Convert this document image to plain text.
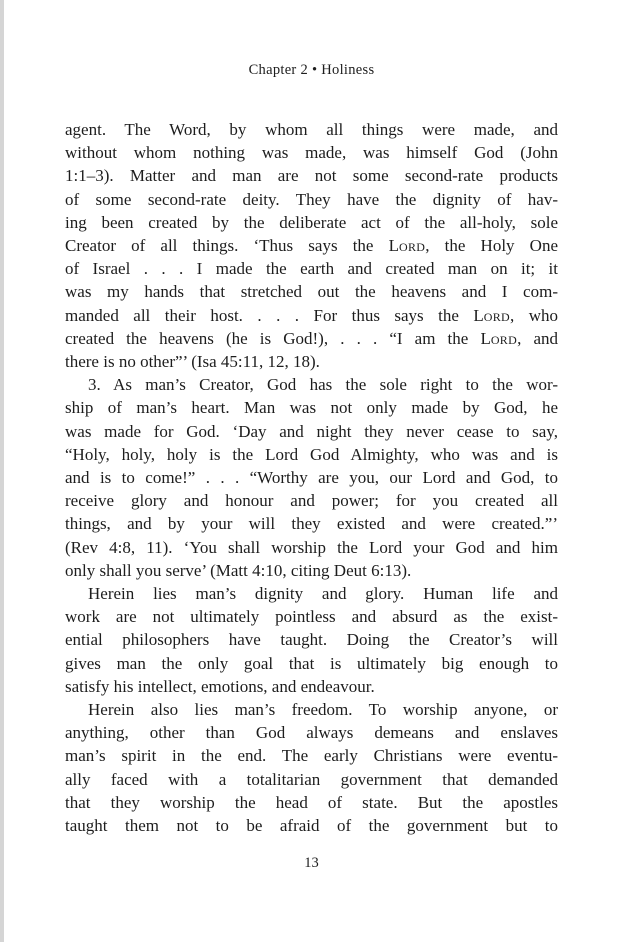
Chapter 2 • Holiness
agent. The Word, by whom all things were made, and
without whom nothing was made, was himself God (John
1:1–3). Matter and man are not some second-rate products
of some second-rate deity. They have the dignity of hav-
ing been created by the deliberate act of the all-holy, sole
Creator of all things. ‘Thus says the Lord, the Holy One
of Israel . . . I made the earth and created man on it; it
was my hands that stretched out the heavens and I com-
manded all their host. . . . For thus says the Lord, who
created the heavens (he is God!), . . . “I am the Lord, and
there is no other”’ (Isa 45:11, 12, 18).
3. As man’s Creator, God has the sole right to the wor-
ship of man’s heart. Man was not only made by God, he
was made for God. ‘Day and night they never cease to say,
“Holy, holy, holy is the Lord God Almighty, who was and is
and is to come!” . . . “Worthy are you, our Lord and God, to
receive glory and honour and power; for you created all
things, and by your will they existed and were created.”’
(Rev 4:8, 11). ‘You shall worship the Lord your God and him
only shall you serve’ (Matt 4:10, citing Deut 6:13).
Herein lies man’s dignity and glory. Human life and
work are not ultimately pointless and absurd as the exist-
ential philosophers have taught. Doing the Creator’s will
gives man the only goal that is ultimately big enough to
satisfy his intellect, emotions, and endeavour.
Herein also lies man’s freedom. To worship anyone, or
anything, other than God always demeans and enslaves
man’s spirit in the end. The early Christians were eventu-
ally faced with a totalitarian government that demanded
that they worship the head of state. But the apostles
taught them not to be afraid of the government but to
13
